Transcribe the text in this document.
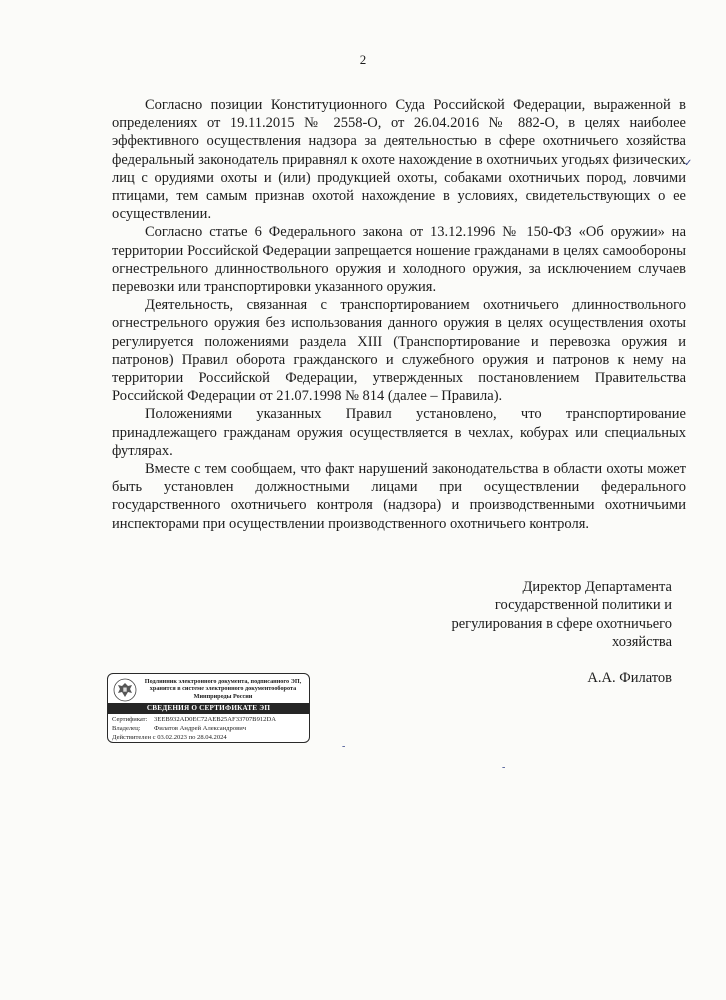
2

Согласно позиции Конституционного Суда Российской Федерации, выраженной в определениях от 19.11.2015 № 2558-О, от 26.04.2016 № 882-О, в целях наиболее эффективного осуществления надзора за деятельностью в сфере охотничьего хозяйства федеральный законодатель приравнял к охоте нахождение в охотничьих угодьях физических лиц с орудиями охоты и (или) продукцией охоты, собаками охотничьих пород, ловчими птицами, тем самым признав охотой нахождение в условиях, свидетельствующих о ее осуществлении.

Согласно статье 6 Федерального закона от 13.12.1996 № 150-ФЗ «Об оружии» на территории Российской Федерации запрещается ношение гражданами в целях самообороны огнестрельного длинноствольного оружия и холодного оружия, за исключением случаев перевозки или транспортировки указанного оружия.

Деятельность, связанная с транспортированием охотничьего длинноствольного огнестрельного оружия без использования данного оружия в целях осуществления охоты регулируется положениями раздела XIII (Транспортирование и перевозка оружия и патронов) Правил оборота гражданского и служебного оружия и патронов к нему на территории Российской Федерации, утвержденных постановлением Правительства Российской Федерации от 21.07.1998 № 814 (далее – Правила).

Положениями указанных Правил установлено, что транспортирование принадлежащего гражданам оружия осуществляется в чехлах, кобурах или специальных футлярах.

Вместе с тем сообщаем, что факт нарушений законодательства в области охоты может быть установлен должностными лицами при осуществлении федерального государственного охотничьего контроля (надзора) и производственными охотничьими инспекторами при осуществлении производственного охотничьего контроля.

Директор Департамента
государственной политики и
регулирования в сфере охотничьего
хозяйства
А.А. Филатов
Подлинник электронного документа, подписанного ЭП, хранится в системе электронного документооборота Минприроды России
СВЕДЕНИЯ О СЕРТИФИКАТЕ ЭП
Сертификат: 3EEB932AD0EC72AEB25AF33707B912DA
Владелец: Филатов Андрей Александрович
Действителен с 03.02.2023 по 28.04.2024
✓
-
-
